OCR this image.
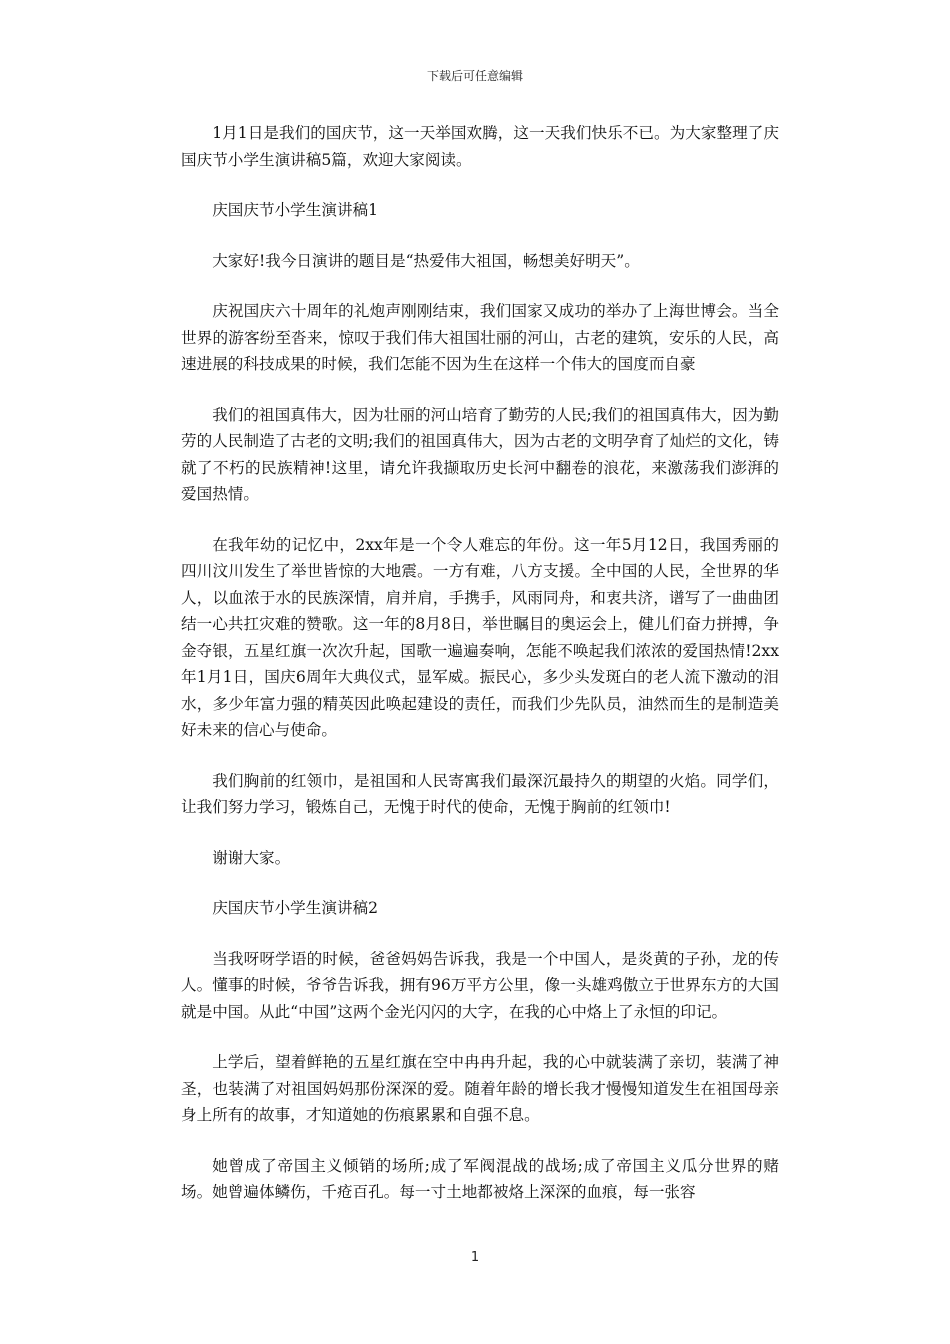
下载后可任意编辑

1月1日是我们的国庆节，这一天举国欢腾，这一天我们快乐不已。为大家整理了庆国庆节小学生演讲稿5篇，欢迎大家阅读。

庆国庆节小学生演讲稿1

大家好!我今日演讲的题目是“热爱伟大祖国，畅想美好明天”。

庆祝国庆六十周年的礼炮声刚刚结束，我们国家又成功的举办了上海世博会。当全世界的游客纷至沓来，惊叹于我们伟大祖国壮丽的河山，古老的建筑，安乐的人民，高速进展的科技成果的时候，我们怎能不因为生在这样一个伟大的国度而自豪

我们的祖国真伟大，因为壮丽的河山培育了勤劳的人民;我们的祖国真伟大，因为勤劳的人民制造了古老的文明;我们的祖国真伟大，因为古老的文明孕育了灿烂的文化，铸就了不朽的民族精神!这里，请允许我撷取历史长河中翻卷的浪花，来激荡我们澎湃的爱国热情。

在我年幼的记忆中，2xx年是一个令人难忘的年份。这一年5月12日，我国秀丽的四川汶川发生了举世皆惊的大地震。一方有难，八方支援。全中国的人民，全世界的华人，以血浓于水的民族深情，肩并肩，手携手，风雨同舟，和衷共济，谱写了一曲曲团结一心共扛灾难的赞歌。这一年的8月8日，举世瞩目的奥运会上，健儿们奋力拼搏，争金夺银，五星红旗一次次升起，国歌一遍遍奏响，怎能不唤起我们浓浓的爱国热情!2xx年1月1日，国庆6周年大典仪式，显军威。振民心，多少头发斑白的老人流下激动的泪水，多少年富力强的精英因此唤起建设的责任，而我们少先队员，油然而生的是制造美好未来的信心与使命。

我们胸前的红领巾，是祖国和人民寄寓我们最深沉最持久的期望的火焰。同学们，让我们努力学习，锻炼自己，无愧于时代的使命，无愧于胸前的红领巾!

谢谢大家。

庆国庆节小学生演讲稿2

当我呀呀学语的时候，爸爸妈妈告诉我，我是一个中国人，是炎黄的子孙，龙的传人。懂事的时候，爷爷告诉我，拥有96万平方公里，像一头雄鸡傲立于世界东方的大国就是中国。从此“中国”这两个金光闪闪的大字，在我的心中烙上了永恒的印记。

上学后，望着鲜艳的五星红旗在空中冉冉升起，我的心中就装满了亲切，装满了神圣，也装满了对祖国妈妈那份深深的爱。随着年龄的增长我才慢慢知道发生在祖国母亲身上所有的故事，才知道她的伤痕累累和自强不息。

她曾成了帝国主义倾销的场所;成了军阀混战的战场;成了帝国主义瓜分世界的赌场。她曾遍体鳞伤，千疮百孔。每一寸土地都被烙上深深的血痕，每一张容

1
